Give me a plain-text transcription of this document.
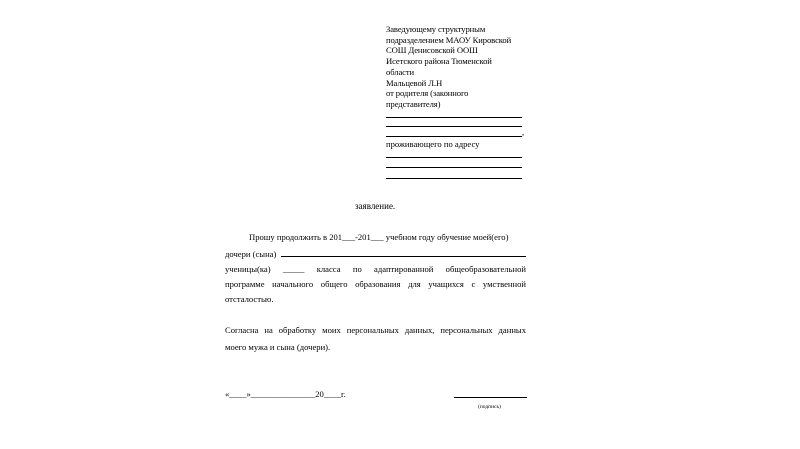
Заведующему структурным
подразделением МАОУ Кировской
СОШ Денисовской ООШ
Исетского района Тюменской
области
Мальцевой Л.Н
от родителя (законного
представителя)
,
проживающего по адресу
заявление.
Прошу продолжить в 201___-201___ учебном году обучение моей(его)
дочери (сына)
ученицы(ка) _____ класса по адаптированной общеобразовательной
программе начального общего образования для учащихся с умственной
отсталостью.
Согласна на обработку моих персональных данных, персональных данных
моего мужа и сына (дочери).
«____»_______________20____г.
(подпись)
